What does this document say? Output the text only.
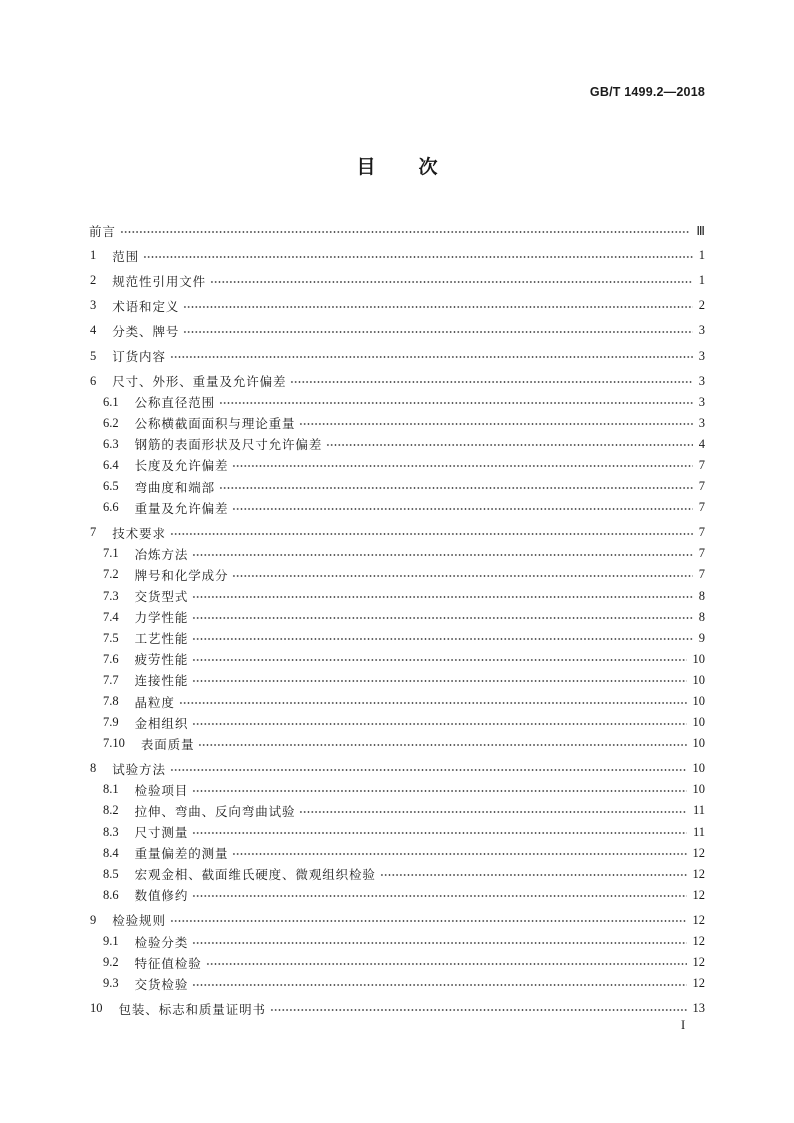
GB/T 1499.2—2018
目　次
前言	Ⅲ
1 范围	1
2 规范性引用文件	1
3 术语和定义	2
4 分类、牌号	3
5 订货内容	3
6 尺寸、外形、重量及允许偏差	3
6.1 公称直径范围	3
6.2 公称横截面面积与理论重量	3
6.3 钢筋的表面形状及尺寸允许偏差	4
6.4 长度及允许偏差	7
6.5 弯曲度和端部	7
6.6 重量及允许偏差	7
7 技术要求	7
7.1 冶炼方法	7
7.2 牌号和化学成分	7
7.3 交货型式	8
7.4 力学性能	8
7.5 工艺性能	9
7.6 疲劳性能	10
7.7 连接性能	10
7.8 晶粒度	10
7.9 金相组织	10
7.10 表面质量	10
8 试验方法	10
8.1 检验项目	10
8.2 拉伸、弯曲、反向弯曲试验	11
8.3 尺寸测量	11
8.4 重量偏差的测量	12
8.5 宏观金相、截面维氏硬度、微观组织检验	12
8.6 数值修约	12
9 检验规则	12
9.1 检验分类	12
9.2 特征值检验	12
9.3 交货检验	12
10 包装、标志和质量证明书	13
I
